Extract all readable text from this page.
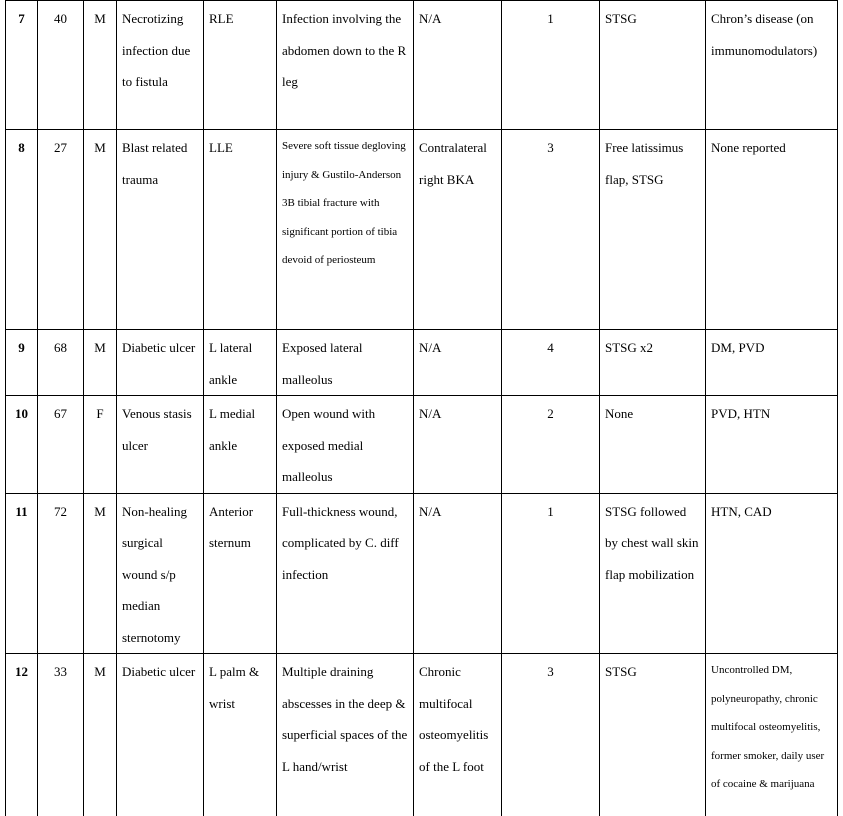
7	40	M	Necrotizing infection due to fistula	RLE	Infection involving the abdomen down to the R leg	N/A	1	STSG	Chron’s disease (on immunomodulators)
8	27	M	Blast related trauma	LLE	Severe soft tissue degloving injury & Gustilo-Anderson 3B tibial fracture with significant portion of tibia devoid of periosteum	Contralateral right BKA	3	Free latissimus flap, STSG	None reported
9	68	M	Diabetic ulcer	L lateral ankle	Exposed lateral malleolus	N/A	4	STSG x2	DM, PVD
10	67	F	Venous stasis ulcer	L medial ankle	Open wound with exposed medial malleolus	N/A	2	None	PVD, HTN
11	72	M	Non-healing surgical wound s/p median sternotomy	Anterior sternum	Full-thickness wound, complicated by C. diff infection	N/A	1	STSG followed by chest wall skin flap mobilization	HTN, CAD
12	33	M	Diabetic ulcer	L palm & wrist	Multiple draining abscesses in the deep & superficial spaces of the L hand/wrist	Chronic multifocal osteomyelitis of the L foot	3	STSG	Uncontrolled DM, polyneuropathy, chronic multifocal osteomyelitis, former smoker, daily user of cocaine & marijuana
